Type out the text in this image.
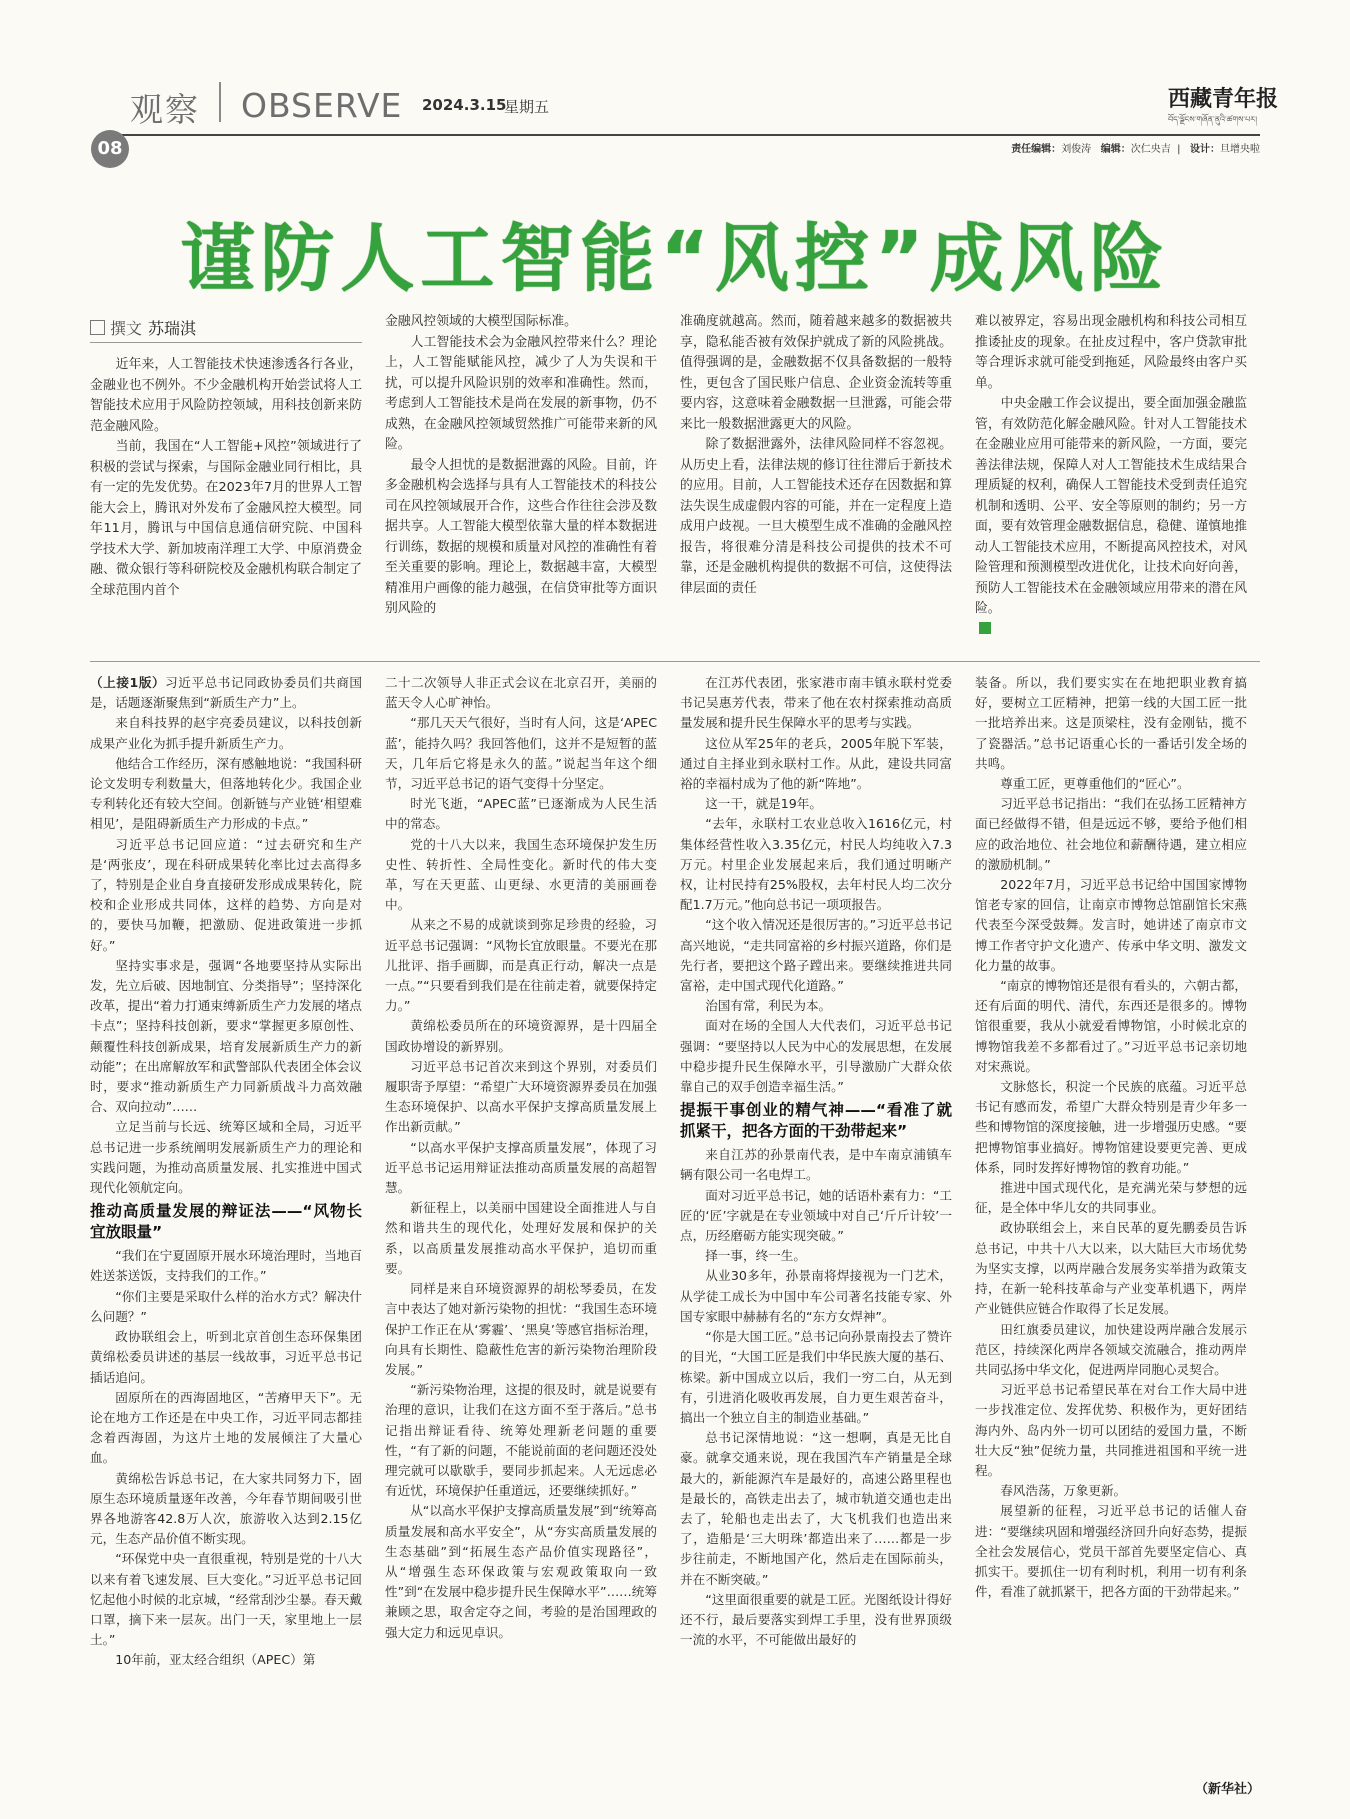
观察 OBSERVE 2024.3.15
星期五	西藏青年报
བོད་ལྗོངས་གཞོན་ནུའི་ཚགས་པར།
08	责任编辑：刘俊涛 编辑：次仁央吉  |   设计：旦增央啦
谨防人工智能“风控”成风险
撰文 苏瑞淇

近年来，人工智能技术快速渗透各行各业，金融业也不例外。不少金融机构开始尝试将人工智能技术应用于风险防控领域，用科技创新来防范金融风险。

当前，我国在“人工智能+风控”领域进行了积极的尝试与探索，与国际金融业同行相比，具有一定的先发优势。在2023年7月的世界人工智能大会上，腾讯对外发布了金融风控大模型。同年11月，腾讯与中国信息通信研究院、中国科学技术大学、新加坡南洋理工大学、中原消费金融、微众银行等科研院校及金融机构联合制定了全球范围内首个

金融风控领域的大模型国际标准。

人工智能技术会为金融风控带来什么？理论上，人工智能赋能风控，减少了人为失误和干扰，可以提升风险识别的效率和准确性。然而，考虑到人工智能技术是尚在发展的新事物，仍不成熟，在金融风控领域贸然推广可能带来新的风险。

最令人担忧的是数据泄露的风险。目前，许多金融机构会选择与具有人工智能技术的科技公司在风控领域展开合作，这些合作往往会涉及数据共享。人工智能大模型依靠大量的样本数据进行训练，数据的规模和质量对风控的准确性有着至关重要的影响。理论上，数据越丰富，大模型精准用户画像的能力越强，在信贷审批等方面识别风险的

准确度就越高。然而，随着越来越多的数据被共享，隐私能否被有效保护就成了新的风险挑战。值得强调的是，金融数据不仅具备数据的一般特性，更包含了国民账户信息、企业资金流转等重要内容，这意味着金融数据一旦泄露，可能会带来比一般数据泄露更大的风险。

除了数据泄露外，法律风险同样不容忽视。从历史上看，法律法规的修订往往滞后于新技术的应用。目前，人工智能技术还存在因数据和算法失误生成虚假内容的可能，并在一定程度上造成用户歧视。一旦大模型生成不准确的金融风控报告，将很难分清是科技公司提供的技术不可靠，还是金融机构提供的数据不可信，这使得法律层面的责任

难以被界定，容易出现金融机构和科技公司相互推诿扯皮的现象。在扯皮过程中，客户贷款审批等合理诉求就可能受到拖延，风险最终由客户买单。

中央金融工作会议提出，要全面加强金融监管，有效防范化解金融风险。针对人工智能技术在金融业应用可能带来的新风险，一方面，要完善法律法规，保障人对人工智能技术生成结果合理质疑的权利，确保人工智能技术受到责任追究机制和透明、公平、安全等原则的制约；另一方面，要有效管理金融数据信息，稳健、谨慎地推动人工智能技术应用，不断提高风控技术，对风险管理和预测模型改进优化，让技术向好向善，预防人工智能技术在金融领域应用带来的潜在风险。

（上接1版）习近平总书记同政协委员们共商国是，话题逐渐聚焦到“新质生产力”上。

来自科技界的赵宇亮委员建议，以科技创新成果产业化为抓手提升新质生产力。

他结合工作经历，深有感触地说：“我国科研论文发明专利数量大，但落地转化少。我国企业专利转化还有较大空间。创新链与产业链‘相望难相见’，是阻碍新质生产力形成的卡点。”

习近平总书记回应道：“过去研究和生产是‘两张皮’，现在科研成果转化率比过去高得多了，特别是企业自身直接研发形成成果转化，院校和企业形成共同体，这样的趋势、方向是对的，要快马加鞭，把激励、促进政策进一步抓好。”

坚持实事求是，强调“各地要坚持从实际出发，先立后破、因地制宜、分类指导”；坚持深化改革，提出“着力打通束缚新质生产力发展的堵点卡点”；坚持科技创新，要求“掌握更多原创性、颠覆性科技创新成果，培育发展新质生产力的新动能”；在出席解放军和武警部队代表团全体会议时，要求“推动新质生产力同新质战斗力高效融合、双向拉动”……

立足当前与长远、统筹区域和全局，习近平总书记进一步系统阐明发展新质生产力的理论和实践问题，为推动高质量发展、扎实推进中国式现代化领航定向。

推动高质量发展的辩证法——“风物长宜放眼量”

“我们在宁夏固原开展水环境治理时，当地百姓送茶送饭，支持我们的工作。”

“你们主要是采取什么样的治水方式？解决什么问题？”

政协联组会上，听到北京首创生态环保集团黄绵松委员讲述的基层一线故事，习近平总书记插话追问。

固原所在的西海固地区，“苦瘠甲天下”。无论在地方工作还是在中央工作，习近平同志都挂念着西海固，为这片土地的发展倾注了大量心血。

黄绵松告诉总书记，在大家共同努力下，固原生态环境质量逐年改善，今年春节期间吸引世界各地游客42.8万人次，旅游收入达到2.15亿元，生态产品价值不断实现。

“环保党中央一直很重视，特别是党的十八大以来有着飞速发展、巨大变化。”习近平总书记回忆起他小时候的北京城，“经常刮沙尘暴。春天戴口罩，摘下来一层灰。出门一天，家里地上一层土。”

10年前，亚太经合组织（APEC）第

二十二次领导人非正式会议在北京召开，美丽的蓝天令人心旷神怡。

“那几天天气很好，当时有人问，这是‘APEC蓝’，能持久吗？我回答他们，这并不是短暂的蓝天，几年后它将是永久的蓝。”说起当年这个细节，习近平总书记的语气变得十分坚定。

时光飞逝，“APEC蓝”已逐渐成为人民生活中的常态。

党的十八大以来，我国生态环境保护发生历史性、转折性、全局性变化。新时代的伟大变革，写在天更蓝、山更绿、水更清的美丽画卷中。

从来之不易的成就谈到弥足珍贵的经验，习近平总书记强调：“风物长宜放眼量。不要光在那儿批评、指手画脚，而是真正行动，解决一点是一点。”“只要看到我们是在往前走着，就要保持定力。”

黄绵松委员所在的环境资源界，是十四届全国政协增设的新界别。

习近平总书记首次来到这个界别，对委员们履职寄予厚望：“希望广大环境资源界委员在加强生态环境保护、以高水平保护支撑高质量发展上作出新贡献。”

“以高水平保护支撑高质量发展”，体现了习近平总书记运用辩证法推动高质量发展的高超智慧。

新征程上，以美丽中国建设全面推进人与自然和谐共生的现代化，处理好发展和保护的关系，以高质量发展推动高水平保护，追切而重要。

同样是来自环境资源界的胡松琴委员，在发言中表达了她对新污染物的担忧：“我国生态环境保护工作正在从‘雾霾’、‘黑臭’等感官指标治理，向具有长期性、隐蔽性危害的新污染物治理阶段发展。”

“新污染物治理，这提的很及时，就是说要有治理的意识，让我们在这方面不至于落后。”总书记指出辩证看待、统筹处理新老问题的重要性，“有了新的问题，不能说前面的老问题还没处理完就可以歇歇手，要同步抓起来。人无远虑必有近忧，环境保护任重道远，还要继续抓好。”

从“以高水平保护支撑高质量发展”到“统筹高质量发展和高水平安全”，从“夯实高质量发展的生态基础”到“拓展生态产品价值实现路径”，从“增强生态环保政策与宏观政策取向一致性”到“在发展中稳步提升民生保障水平”……统筹兼顾之思，取舍定夺之间，考验的是治国理政的强大定力和远见卓识。

在江苏代表团，张家港市南丰镇永联村党委书记吴惠芳代表，带来了他在农村探索推动高质量发展和提升民生保障水平的思考与实践。

这位从军25年的老兵，2005年脱下军装，通过自主择业到永联村工作。从此，建设共同富裕的幸福村成为了他的新“阵地”。

这一干，就是19年。

“去年，永联村工农业总收入1616亿元，村集体经营性收入3.35亿元，村民人均纯收入7.3万元。村里企业发展起来后，我们通过明晰产权，让村民持有25%股权，去年村民人均二次分配1.7万元。”他向总书记一项项报告。

“这个收入情况还是很厉害的。”习近平总书记高兴地说，“走共同富裕的乡村振兴道路，你们是先行者，要把这个路子蹚出来。要继续推进共同富裕，走中国式现代化道路。”

治国有常，利民为本。

面对在场的全国人大代表们，习近平总书记强调：“要坚持以人民为中心的发展思想，在发展中稳步提升民生保障水平，引导激励广大群众依靠自己的双手创造幸福生活。”

提振干事创业的精气神——“看准了就抓紧干，把各方面的干劲带起来”

来自江苏的孙景南代表，是中车南京浦镇车辆有限公司一名电焊工。

面对习近平总书记，她的话语朴素有力：“工匠的‘匠’字就是在专业领域中对自己‘斤斤计较’一点，历经磨砺方能实现突破。”

择一事，终一生。

从业30多年，孙景南将焊接视为一门艺术，从学徒工成长为中国中车公司著名技能专家、外国专家眼中赫赫有名的“东方女焊神”。

“你是大国工匠。”总书记向孙景南投去了赞许的目光，“大国工匠是我们中华民族大厦的基石、栋梁。新中国成立以后，我们一穷二白，从无到有，引进消化吸收再发展，自力更生艰苦奋斗，搞出一个独立自主的制造业基础。”

总书记深情地说：“这一想啊，真是无比自豪。就拿交通来说，现在我国汽车产销量是全球最大的，新能源汽车是最好的，高速公路里程也是最长的，高铁走出去了，城市轨道交通也走出去了，轮船也走出去了，大飞机我们也造出来了，造船是‘三大明珠’都造出来了……都是一步步往前走，不断地国产化，然后走在国际前头，并在不断突破。”

“这里面很重要的就是工匠。光图纸设计得好还不行，最后要落实到焊工手里，没有世界顶级一流的水平，不可能做出最好的

装备。所以，我们要实实在在地把职业教育搞好，要树立工匠精神，把第一线的大国工匠一批一批培养出来。这是顶梁柱，没有金刚钻，揽不了瓷器活。”总书记语重心长的一番话引发全场的共鸣。

尊重工匠，更尊重他们的“匠心”。

习近平总书记指出：“我们在弘扬工匠精神方面已经做得不错，但是远远不够，要给予他们相应的政治地位、社会地位和薪酬待遇，建立相应的激励机制。”

2022年7月，习近平总书记给中国国家博物馆老专家的回信，让南京市博物总馆副馆长宋燕代表至今深受鼓舞。发言时，她讲述了南京市文博工作者守护文化遗产、传承中华文明、激发文化力量的故事。

“南京的博物馆还是很有看头的，六朝古都，还有后面的明代、清代，东西还是很多的。博物馆很重要，我从小就爱看博物馆，小时候北京的博物馆我差不多都看过了。”习近平总书记亲切地对宋燕说。

文脉悠长，积淀一个民族的底蕴。习近平总书记有感而发，希望广大群众特别是青少年多一些和博物馆的深度接触，进一步增强历史感。“要把博物馆事业搞好。博物馆建设要更完善、更成体系，同时发挥好博物馆的教育功能。”

推进中国式现代化，是充满光荣与梦想的远征，是全体中华儿女的共同事业。

政协联组会上，来自民革的夏先鹏委员告诉总书记，中共十八大以来，以大陆巨大市场优势为坚实支撑，以两岸融合发展务实举措为政策支持，在新一轮科技革命与产业变革机遇下，两岸产业链供应链合作取得了长足发展。

田红旗委员建议，加快建设两岸融合发展示范区，持续深化两岸各领域交流融合，推动两岸共同弘扬中华文化，促进两岸同胞心灵契合。

习近平总书记希望民革在对台工作大局中进一步找准定位、发挥优势、积极作为，更好团结海内外、岛内外一切可以团结的爱国力量，不断壮大反“独”促统力量，共同推进祖国和平统一进程。

春风浩荡，万象更新。

展望新的征程，习近平总书记的话催人奋进：“要继续巩固和增强经济回升向好态势，提振全社会发展信心，党员干部首先要坚定信心、真抓实干。要抓住一切有利时机，利用一切有利条件，看准了就抓紧干，把各方面的干劲带起来。”

（新华社）
